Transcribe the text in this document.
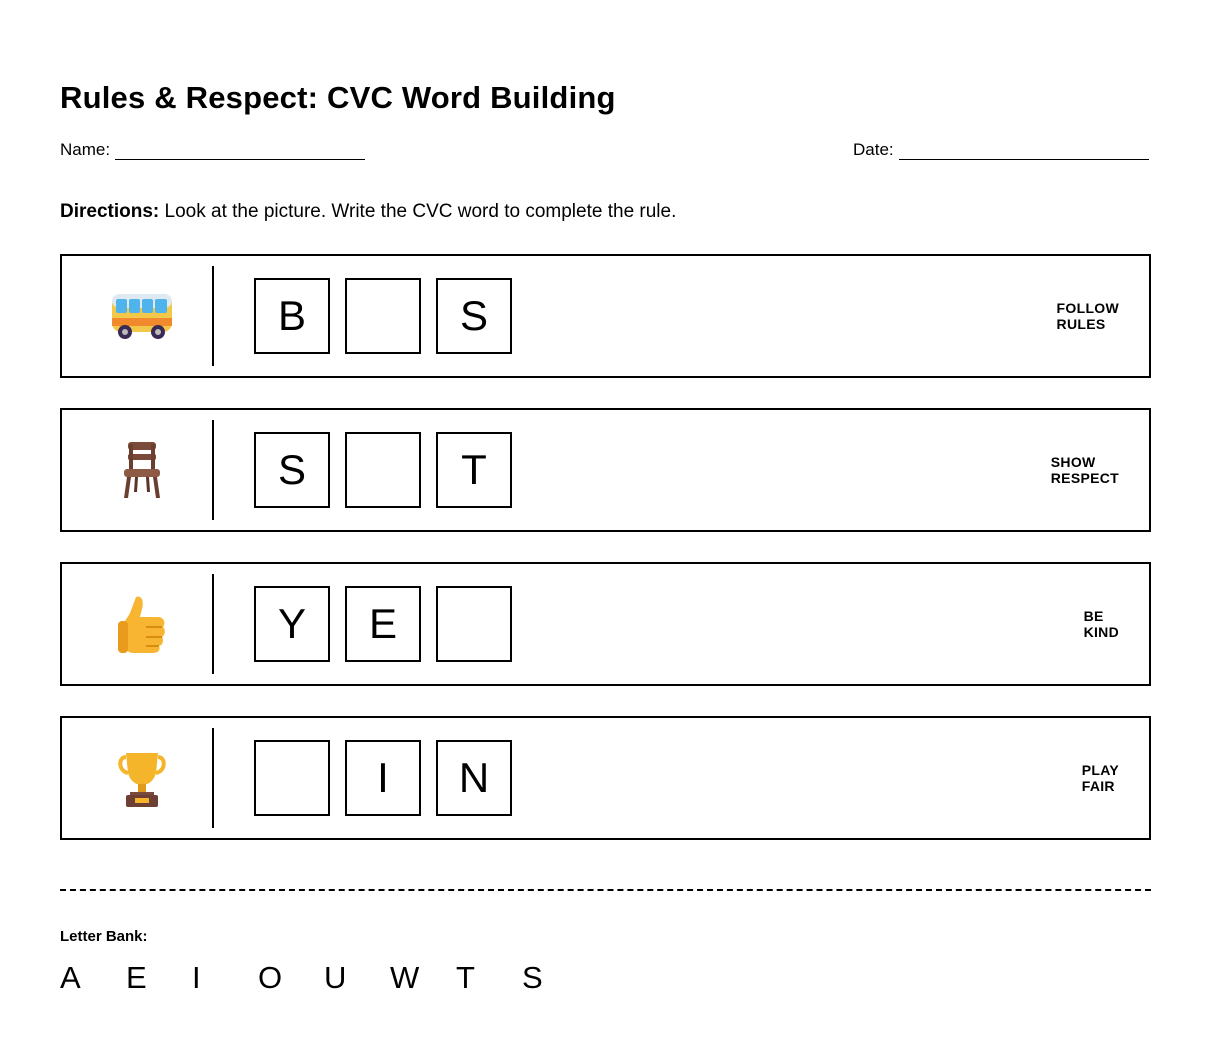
Rules & Respect: CVC Word Building
Name:	Date:
Directions: Look at the picture. Write the CVC word to complete the rule.
B	S	FOLLOW
RULES
S	T	SHOW
RESPECT
Y	E	BE
KIND
I	N	PLAY
FAIR
Letter Bank:
A	E	I	O	U	W	T	S
